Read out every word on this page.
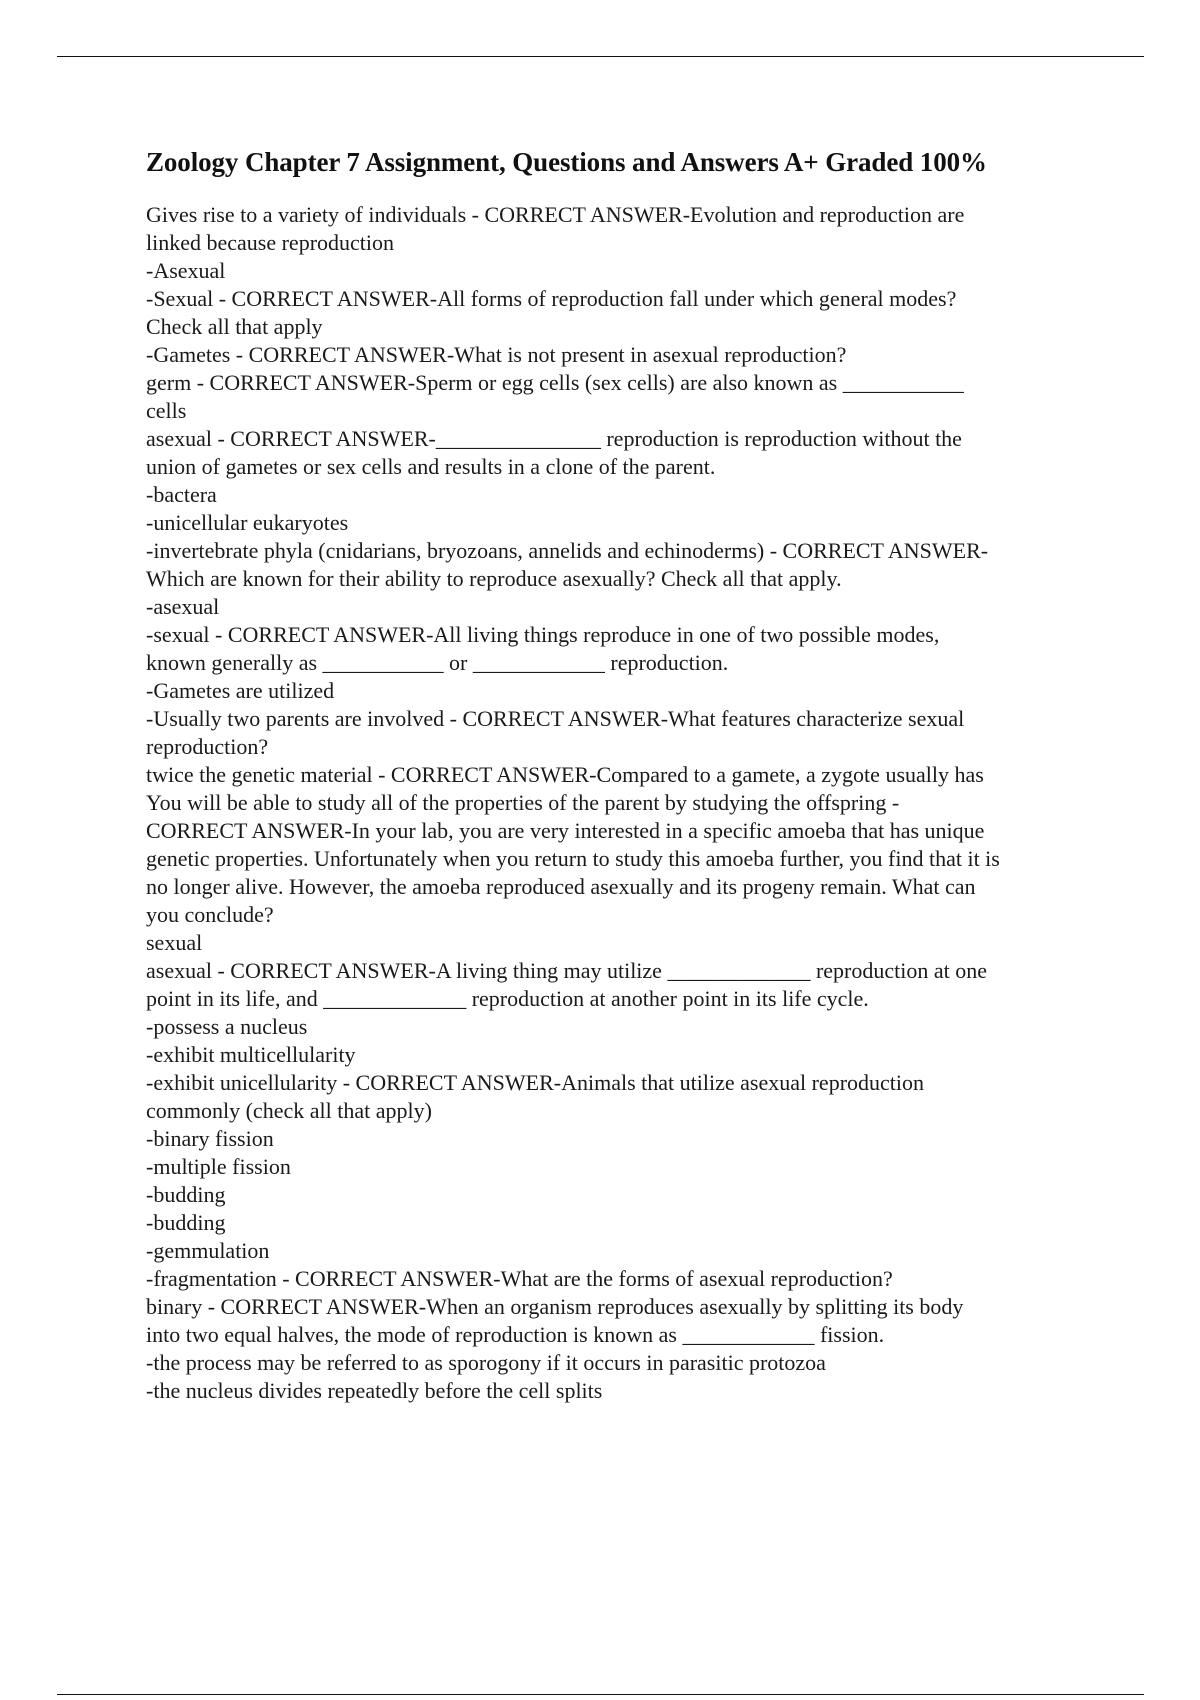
Zoology Chapter 7 Assignment, Questions and Answers A+ Graded 100%

Gives rise to a variety of individuals - CORRECT ANSWER-Evolution and reproduction are

linked because reproduction

-Asexual

-Sexual - CORRECT ANSWER-All forms of reproduction fall under which general modes?

Check all that apply

-Gametes - CORRECT ANSWER-What is not present in asexual reproduction?

germ - CORRECT ANSWER-Sperm or egg cells (sex cells) are also known as ___________

cells

asexual - CORRECT ANSWER-_______________ reproduction is reproduction without the

union of gametes or sex cells and results in a clone of the parent.

-bactera

-unicellular eukaryotes

-invertebrate phyla (cnidarians, bryozoans, annelids and echinoderms) - CORRECT ANSWER-

Which are known for their ability to reproduce asexually? Check all that apply.

-asexual

-sexual - CORRECT ANSWER-All living things reproduce in one of two possible modes,

known generally as ___________ or ____________ reproduction.

-Gametes are utilized

-Usually two parents are involved - CORRECT ANSWER-What features characterize sexual

reproduction?

twice the genetic material - CORRECT ANSWER-Compared to a gamete, a zygote usually has

You will be able to study all of the properties of the parent by studying the offspring -

CORRECT ANSWER-In your lab, you are very interested in a specific amoeba that has unique

genetic properties. Unfortunately when you return to study this amoeba further, you find that it is

no longer alive. However, the amoeba reproduced asexually and its progeny remain. What can

you conclude?

sexual

asexual - CORRECT ANSWER-A living thing may utilize _____________ reproduction at one

point in its life, and _____________ reproduction at another point in its life cycle.

-possess a nucleus

-exhibit multicellularity

-exhibit unicellularity - CORRECT ANSWER-Animals that utilize asexual reproduction

commonly (check all that apply)

-binary fission

-multiple fission

-budding

-budding

-gemmulation

-fragmentation - CORRECT ANSWER-What are the forms of asexual reproduction?

binary - CORRECT ANSWER-When an organism reproduces asexually by splitting its body

into two equal halves, the mode of reproduction is known as ____________ fission.

-the process may be referred to as sporogony if it occurs in parasitic protozoa

-the nucleus divides repeatedly before the cell splits
